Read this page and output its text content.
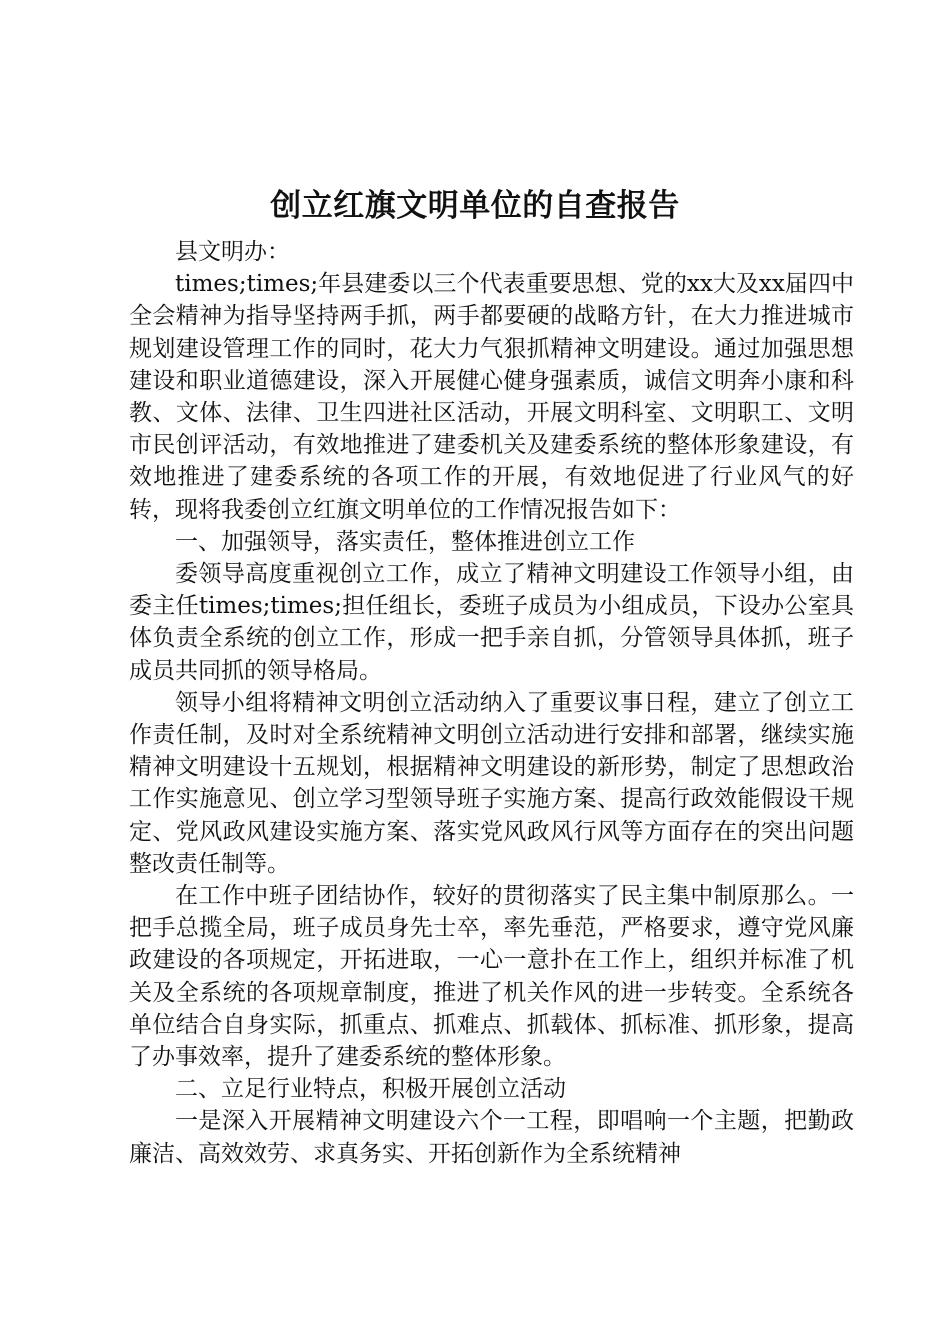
创立红旗文明单位的自查报告

县文明办：

times;times;年县建委以三个代表重要思想、党的xx大及xx届四中全会精神为指导坚持两手抓，两手都要硬的战略方针，在大力推进城市规划建设管理工作的同时，花大力气狠抓精神文明建设。通过加强思想建设和职业道德建设，深入开展健心健身强素质，诚信文明奔小康和科教、文体、法律、卫生四进社区活动，开展文明科室、文明职工、文明市民创评活动，有效地推进了建委机关及建委系统的整体形象建设，有效地推进了建委系统的各项工作的开展，有效地促进了行业风气的好转，现将我委创立红旗文明单位的工作情况报告如下：

一、加强领导，落实责任，整体推进创立工作

委领导高度重视创立工作，成立了精神文明建设工作领导小组，由委主任times;times;担任组长，委班子成员为小组成员，下设办公室具体负责全系统的创立工作，形成一把手亲自抓，分管领导具体抓，班子成员共同抓的领导格局。

领导小组将精神文明创立活动纳入了重要议事日程，建立了创立工作责任制，及时对全系统精神文明创立活动进行安排和部署，继续实施精神文明建设十五规划，根据精神文明建设的新形势，制定了思想政治工作实施意见、创立学习型领导班子实施方案、提高行政效能假设干规定、党风政风建设实施方案、落实党风政风行风等方面存在的突出问题整改责任制等。

在工作中班子团结协作，较好的贯彻落实了民主集中制原那么。一把手总揽全局，班子成员身先士卒，率先垂范，严格要求，遵守党风廉政建设的各项规定，开拓进取，一心一意扑在工作上，组织并标准了机关及全系统的各项规章制度，推进了机关作风的进一步转变。全系统各单位结合自身实际，抓重点、抓难点、抓载体、抓标准、抓形象，提高了办事效率，提升了建委系统的整体形象。

二、立足行业特点，积极开展创立活动

一是深入开展精神文明建设六个一工程，即唱响一个主题，把勤政廉洁、高效效劳、求真务实、开拓创新作为全系统精神
